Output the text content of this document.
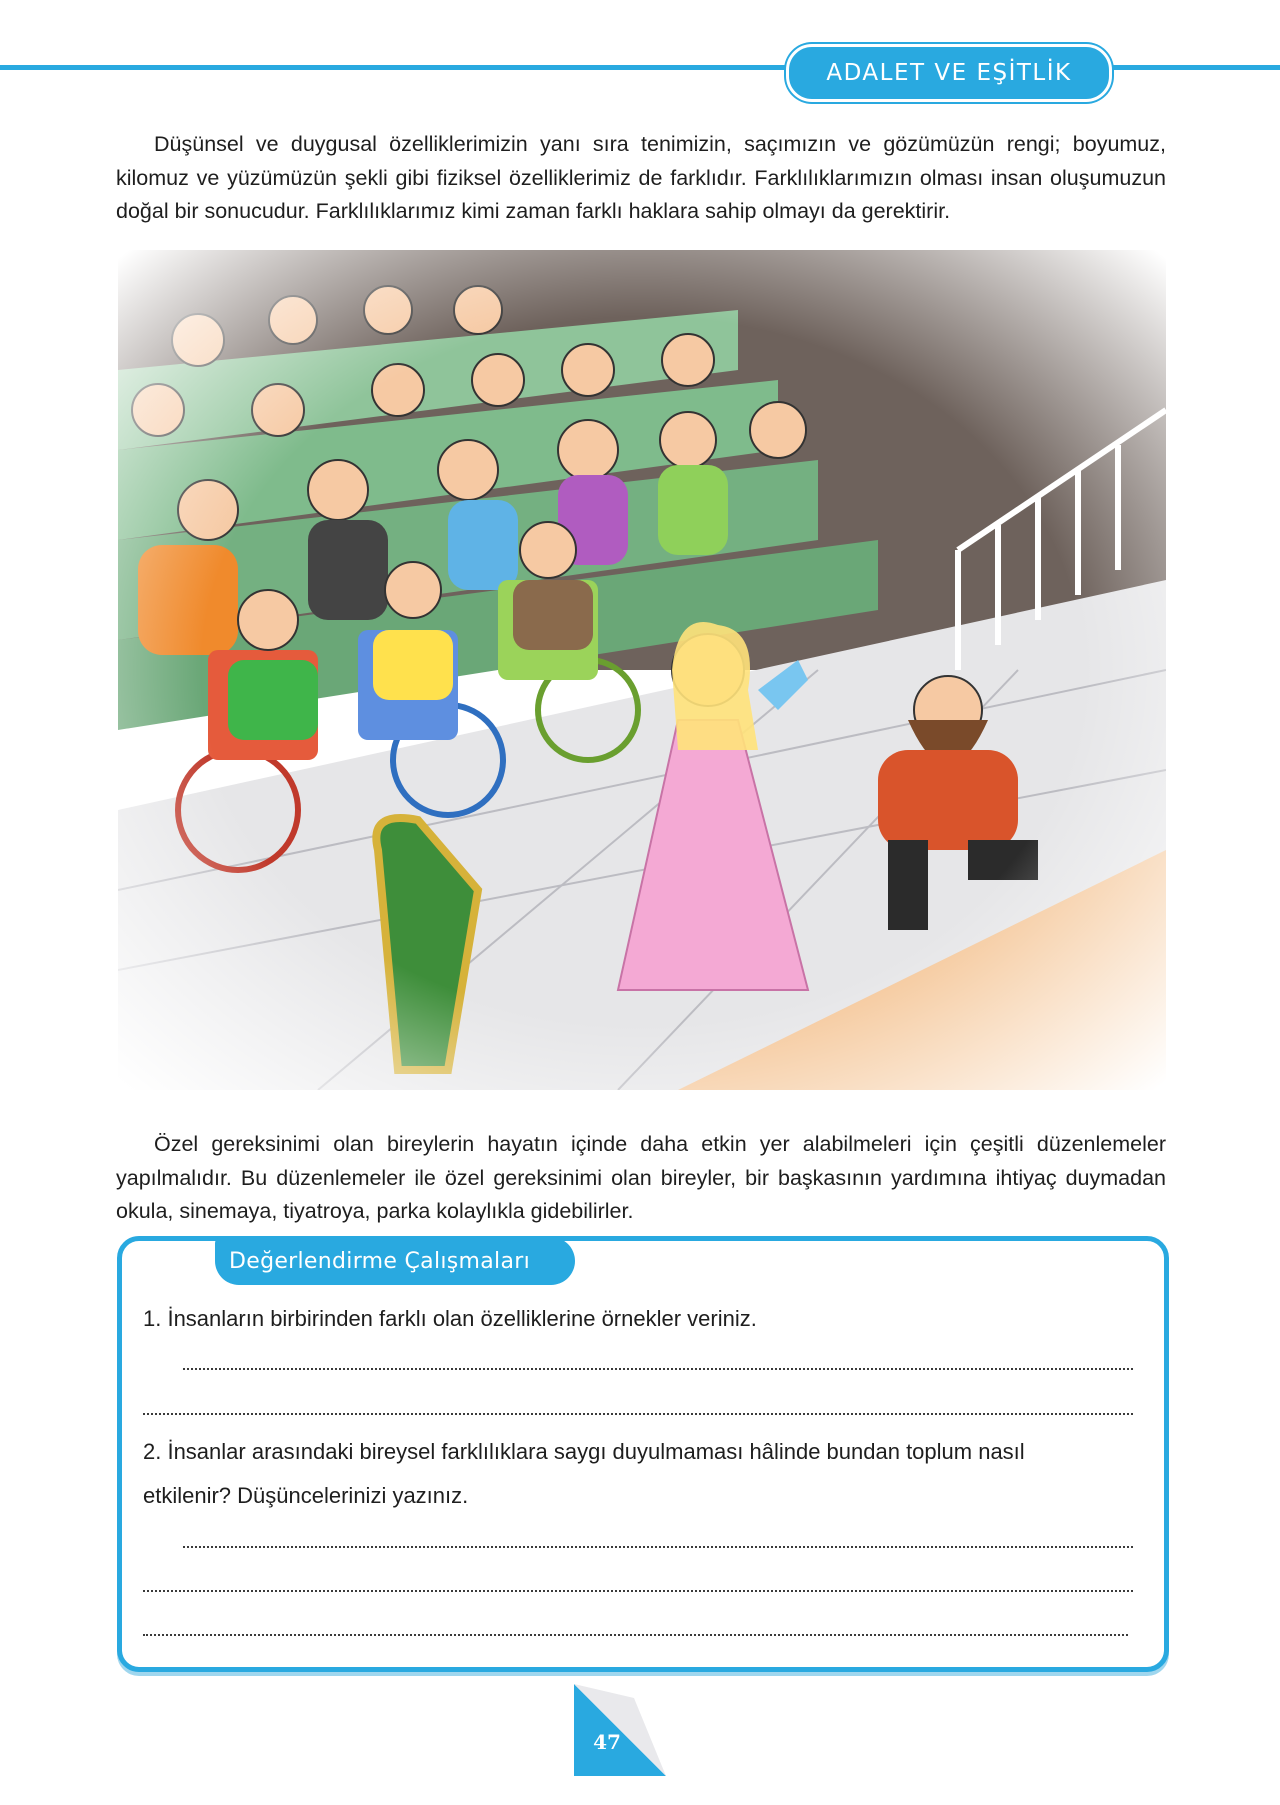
ADALET VE EŞİTLİK

Düşünsel ve duygusal özelliklerimizin yanı sıra tenimizin, saçımızın ve gözümüzün rengi; boyumuz, kilomuz ve yüzümüzün şekli gibi fiziksel özelliklerimiz de farklıdır. Farklılıklarımızın olması insan oluşumuzun doğal bir sonucudur. Farklılıklarımız kimi zaman farklı haklara sahip olmayı da gerektirir.

Özel gereksinimi olan bireylerin hayatın içinde daha etkin yer alabilmeleri için çeşitli düzenlemeler yapılmalıdır. Bu düzenlemeler ile özel gereksinimi olan bireyler, bir başkasının yardımına ihtiyaç duymadan okula, sinemaya, tiyatroya, parka kolaylıkla gidebilirler.

Değerlendirme Çalışmaları
1. İnsanların birbirinden farklı olan özelliklerine örnekler veriniz.
2. İnsanlar arasındaki bireysel farklılıklara saygı duyulmaması hâlinde bundan toplum nasıl etkilenir? Düşüncelerinizi yazınız.
47
